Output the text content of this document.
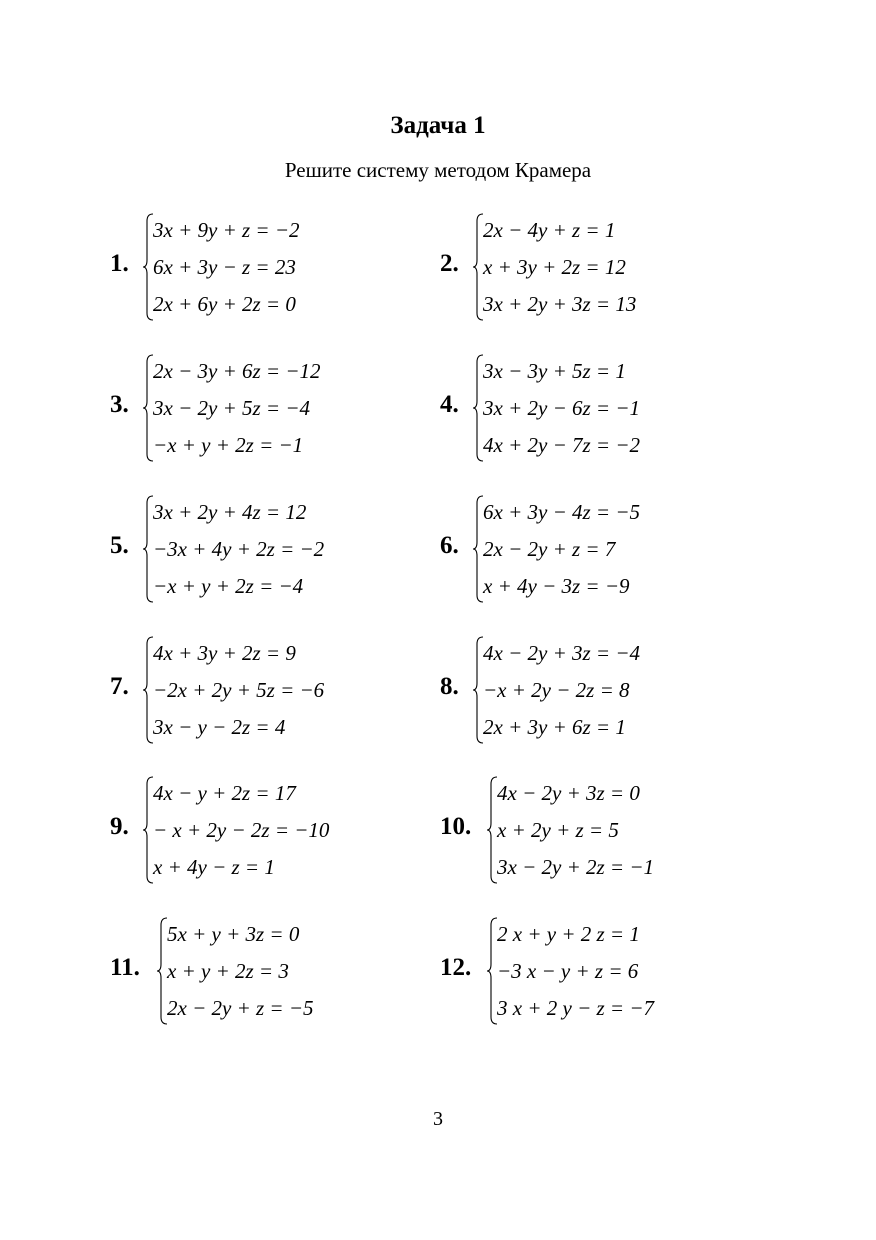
Задача 1
Решите систему методом Крамера
1.
3x + 9y + z = −2
6x + 3y − z = 23
2x + 6y + 2z = 0
2.
2x − 4y + z = 1
x + 3y + 2z = 12
3x + 2y + 3z = 13
3.
2x − 3y + 6z = −12
3x − 2y + 5z = −4
−x + y + 2z = −1
4.
3x − 3y + 5z = 1
3x + 2y − 6z = −1
4x + 2y − 7z = −2
5.
3x + 2y + 4z = 12
−3x + 4y + 2z = −2
−x + y + 2z = −4
6.
6x + 3y − 4z = −5
2x − 2y + z = 7
x + 4y − 3z = −9
7.
4x + 3y + 2z = 9
−2x + 2y + 5z = −6
3x − y − 2z = 4
8.
4x − 2y + 3z = −4
−x + 2y − 2z = 8
2x + 3y + 6z = 1
9.
4x − y + 2z = 17
− x + 2y − 2z = −10
x + 4y − z = 1
10.
4x − 2y + 3z = 0
x + 2y + z = 5
3x − 2y + 2z = −1
11.
5x + y + 3z = 0
x + y + 2z = 3
2x − 2y + z = −5
12.
2 x + y + 2 z = 1
−3 x − y + z = 6
3 x + 2 y − z = −7
3
